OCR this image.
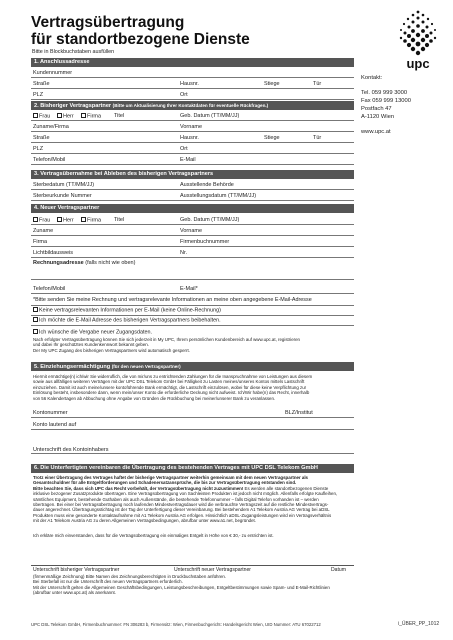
Vertragsübertragung
für standortbezogene Dienste
Bitte in Blockbuchstaben ausfüllen
upc
Kontakt:
Tel. 059 999 3000
Fax 059 999 13000
Postfach 47
A-1120 Wien
www.upc.at
1. Anschlussadresse
Kundennummer
Straße	Hausnr.	Stiege	Tür
PLZ	Ort
2. Bisheriger Vertragspartner (Bitte um Aktualisierung Ihrer Kontaktdaten für eventuelle Rückfragen.)
Frau	Herr	Firma Titel	Geb. Datum (TT/MM/JJ)
Zuname/Firma	Vorname
Straße	Hausnr.	Stiege	Tür
PLZ	Ort
Telefon/Mobil	E-Mail
3. Vertragsübernahme bei Ableben des bisherigen Vertragspartners
Sterbedatum (TT/MM/JJ)	Ausstellende Behörde
Sterbeurkunde Nummer	Ausstellungsdatum (TT/MM/JJ)
4. Neuer Vertragspartner
Frau	Herr	Firma Titel	Geb. Datum (TT/MM/JJ)
Zuname	Vorname
Firma	Firmenbuchnummer
Lichtbildausweis	Nr.
Rechnungsadresse (falls nicht wie oben)
Telefon/Mobil	E-Mail*
*Bitte senden Sie meine Rechnung und vertragsrelevante Informationen an meine oben angegebene E-Mail-Adresse
Keine vertragsrelevanten Informationen per E-Mail (keine Online-Rechnung)
Ich möchte die E-Mail Adresse des bisherigen Vertragspartners beibehalten.
Ich wünsche die Vergabe neuer Zugangsdaten.
Nach erfolgter Vertragsübertragung können Sie sich jederzeit in My UPC, Ihrem persönlichen Kundenbereich auf www.upc.at, registrieren
und dabei Ihr geschütztes Kundenkennwort bekannt geben.
Der My UPC Zugang des bisherigen Vertragspartners wird automatisch gesperrt.
5. Einziehungsermächtigung (für den neuen Vertragspartner)
Hiermit ermächtige(n) ich/wir Sie widerruflich, die von mir/uns zu entrichtenden Zahlungen für die Inanspruchnahme von Leistungen aus diesem
sowie aus allfälligen weiteren Verträgen mit der UPC DSL Telekom GmbH bei Fälligkeit zu Lasten meines/unseres Kontos mittels Lastschrift
einzuziehen. Damit ist auch meine/unsere kontoführende Bank ermächtigt, die Lastschrift einzulösen, wobei für diese keine Verpflichtung zur
Einlösung besteht, insbesondere dann, wenn mein/unser Konto die erforderliche Deckung nicht aufweist. Ich/Wir habe(n) das Recht, innerhalb
von 56 Kalendertagen ab Abbuchung ohne Angabe von Gründen die Rückbuchung bei meiner/unserer Bank zu veranlassen.
Kontonummer	BLZ/Institut
Konto lautend auf
Unterschrift des Kontoinhabers
6. Die Unterfertigten vereinbaren die Übertragung des bestehenden Vertrages mit UPC DSL Telekom GmbH
Trotz einer Übertragung des Vertrages haftet der bisherige Vertragspartner weiterhin gemeinsam mit dem neuen Vertragspartner als
Gesamtschuldner für alle Entgeltforderungen und Schadenersatzansprüche, die bis zur Vertragsübertragung entstanden sind.
Bitte beachten Sie, dass sich UPC das Recht vorbehält, der Vertragsübertragung nicht zuzustimmen! Es werden alle standortbezogenen Dienste
inklusive bezogener Zusatzprodukte übertragen. Eine Vertragsübertragung von Sachleisten Produkten ist jedoch nicht möglich. Allenfalls erfolgte Kaufleihen,
sämtliches Equipment, bestehende Guthaben als auch Außenstände, die bestehende Telefonnummer – falls Digital Telefon vorhanden ist – werden
übertragen. Bei einer bei Vertragsübertragung noch laufenden Mindestvertragsdauer wird die verbrauchte Vertragszeit auf die restliche Mindestvertrags-
dauer angerechnet. Übertragungsstichtag ist der Tag der Unterfertigung dieser Vereinbarung. Bei bestehendem A1 Telekom Austria AG Vertrag bei aDSL
Produkten muss eine gesonderte Kontaktaufnahme mit A1 Telekom Austria AG erfolgen. Hinsichtlich aDSL-Zugangsleistungen wird ein Vertragsverhältnis
mit der A1 Telekom Austria AG zu deren Allgemeinen Vertragsbedingungen, abrufbar unter www.a1.net, begründet.
Ich erkläre mich einverstanden, dass für die Vertragsübertragung ein einmaliges Entgelt in Höhe von € 30,- zu entrichten ist.
Unterschrift bisheriger Vertragspartner	Unterschrift neuer Vertragspartner	Datum
(firmenmäßige Zeichnung) Bitte Namen des Zeichnungsberechtigten in Druckbuchstaben anführen.
Bei Sterbefall ist nur die Unterschrift des neuen Vertragspartners erforderlich.
Mit der Unterschrift gelten die Allgemeinen Geschäftsbedingungen, Leistungsbeschreibungen, Entgeltbestimmungen sowie Spam- und E-Mail-Richtlinien
(abrufbar unter www.upc.at) als anerkannt.
UPC DSL Telekom GmbH, Firmenbuchnummer: FN 306283 b, Firmensitz: Wien, Firmenbuchgericht: Handelsgericht Wien, UID Nummer: ATU 67022712	i_ÜBER_PP_1012
